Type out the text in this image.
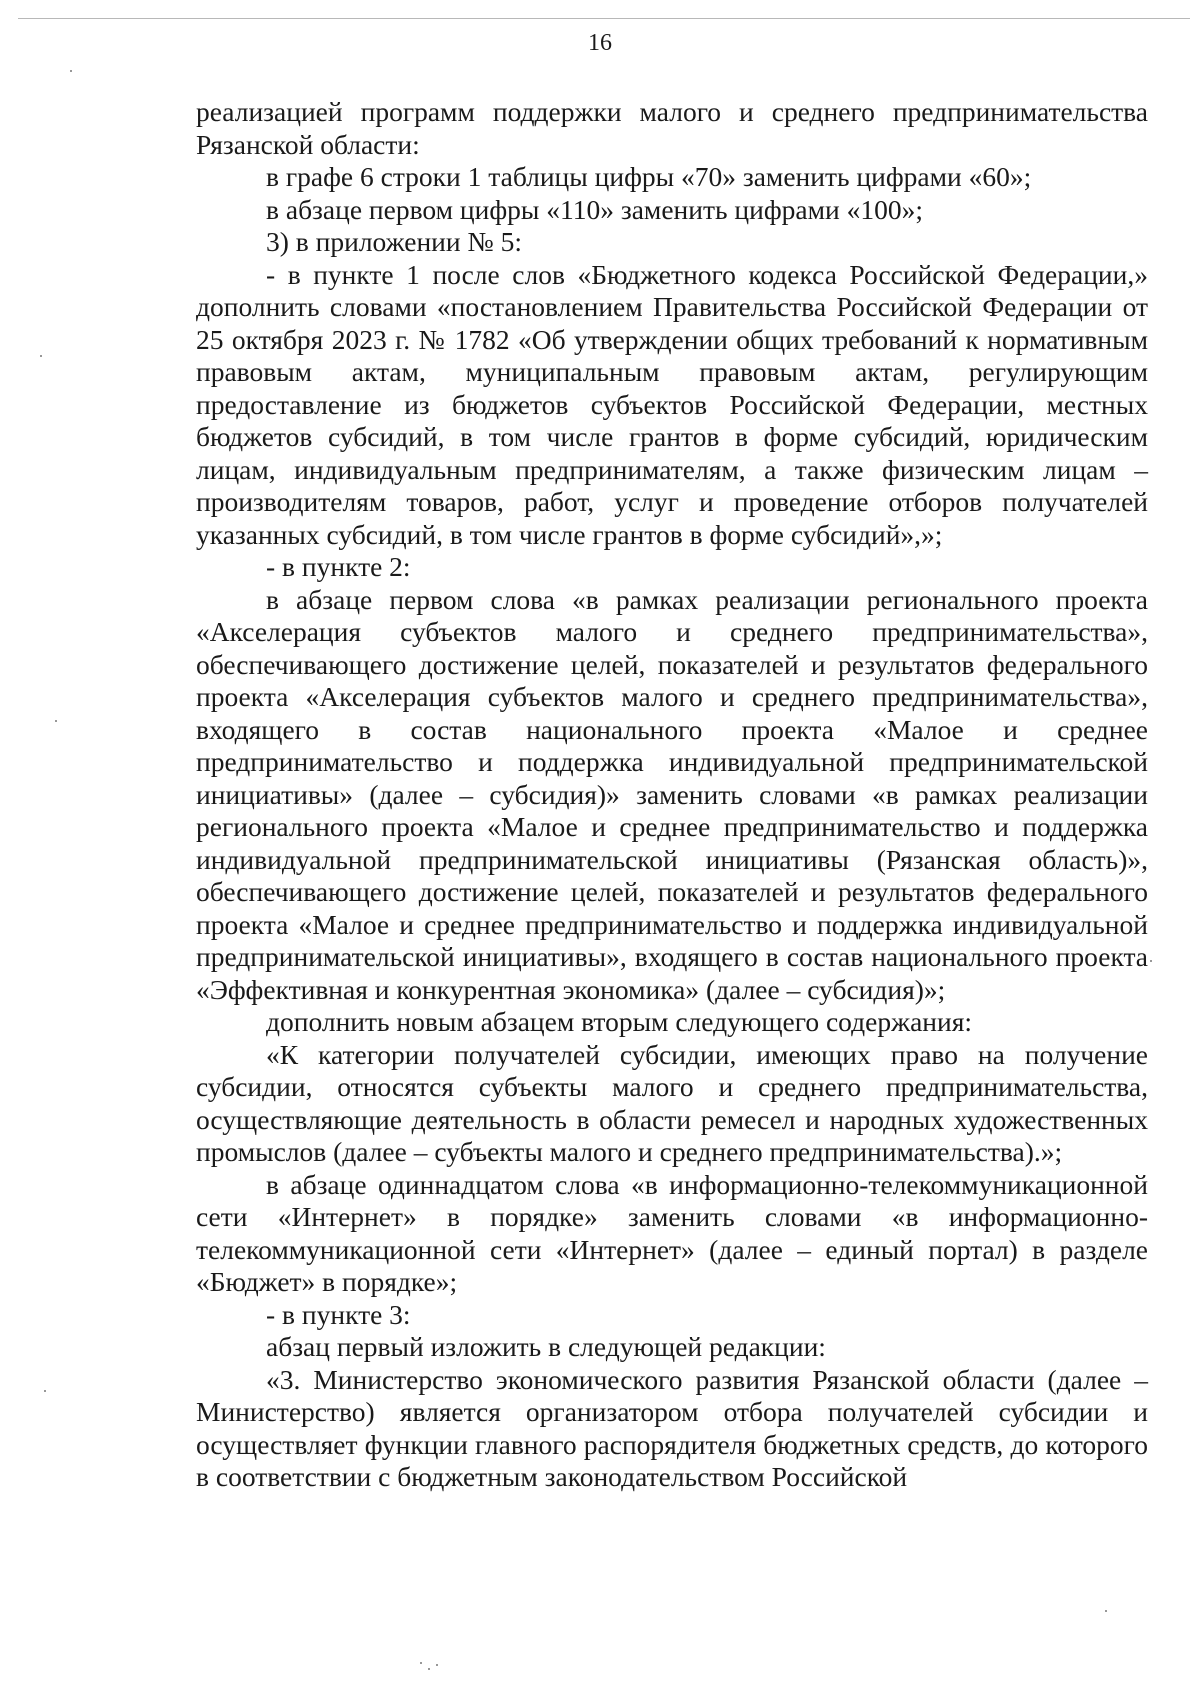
16

реализацией программ поддержки малого и среднего предпринимательства Рязанской области:

в графе 6 строки 1 таблицы цифры «70» заменить цифрами «60»;

в абзаце первом цифры «110» заменить цифрами «100»;

3) в приложении № 5:

- в пункте 1 после слов «Бюджетного кодекса Российской Федерации,» дополнить словами «постановлением Правительства Российской Федерации от 25 октября 2023 г. № 1782 «Об утверждении общих требований к нормативным правовым актам, муниципальным правовым актам, регулирующим предоставление из бюджетов субъектов Российской Федерации, местных бюджетов субсидий, в том числе грантов в форме субсидий, юридическим лицам, индивидуальным предпринимателям, а также физическим лицам – производителям товаров, работ, услуг и проведение отборов получателей указанных субсидий, в том числе грантов в форме субсидий»,»;

- в пункте 2:

в абзаце первом слова «в рамках реализации регионального проекта «Акселерация субъектов малого и среднего предпринимательства», обеспечивающего достижение целей, показателей и результатов федерального проекта «Акселерация субъектов малого и среднего предпринимательства», входящего в состав национального проекта «Малое и среднее предпринимательство и поддержка индивидуальной предпринимательской инициативы» (далее – субсидия)» заменить словами «в рамках реализации регионального проекта «Малое и среднее предпринимательство и поддержка индивидуальной предпринимательской инициативы (Рязанская область)», обеспечивающего достижение целей, показателей и результатов федерального проекта «Малое и среднее предпринимательство и поддержка индивидуальной предпринимательской инициативы», входящего в состав национального проекта «Эффективная и конкурентная экономика» (далее – субсидия)»;

дополнить новым абзацем вторым следующего содержания:

«К категории получателей субсидии, имеющих право на получение субсидии, относятся субъекты малого и среднего предпринимательства, осуществляющие деятельность в области ремесел и народных художественных промыслов (далее – субъекты малого и среднего предпринимательства).»;

в абзаце одиннадцатом слова «в информационно-телекоммуникационной сети «Интернет» в порядке» заменить словами «в информационно-телекоммуникационной сети «Интернет» (далее – единый портал) в разделе «Бюджет» в порядке»;

- в пункте 3:

абзац первый изложить в следующей редакции:

«3. Министерство экономического развития Рязанской области (далее – Министерство) является организатором отбора получателей субсидии и осуществляет функции главного распорядителя бюджетных средств, до которого в соответствии с бюджетным законодательством Российской
